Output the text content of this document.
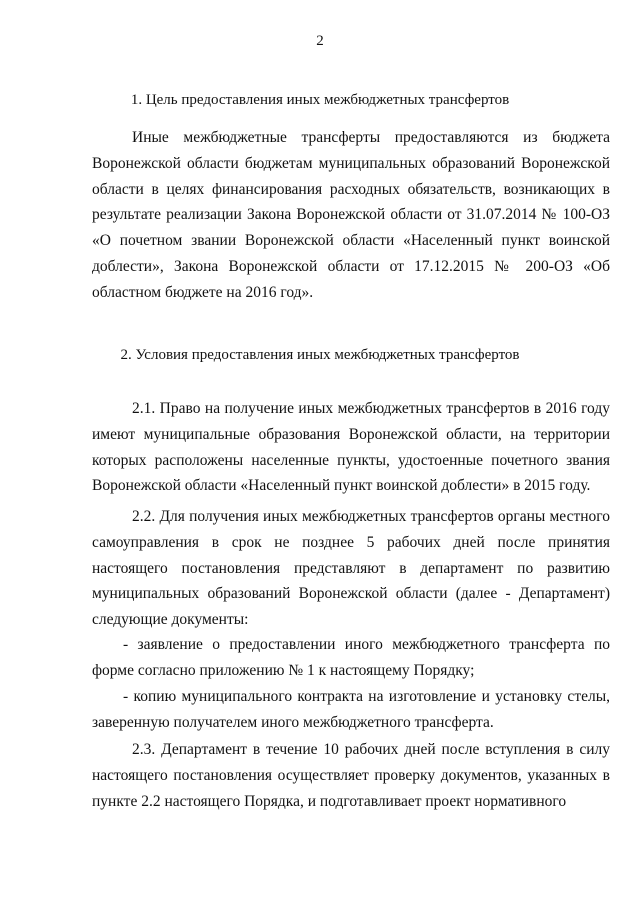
2
1. Цель предоставления иных межбюджетных трансфертов

Иные межбюджетные трансферты предоставляются из бюджета Воронежской области бюджетам муниципальных образований Воронежской области в целях финансирования расходных обязательств, возникающих в результате реализации Закона Воронежской области от 31.07.2014 № 100-ОЗ «О почетном звании Воронежской области «Населенный пункт воинской доблести», Закона Воронежской области от 17.12.2015 № 200-ОЗ «Об областном бюджете на 2016 год».

2. Условия предоставления иных межбюджетных трансфертов

2.1. Право на получение иных межбюджетных трансфертов в 2016 году имеют муниципальные образования Воронежской области, на территории которых расположены населенные пункты, удостоенные почетного звания Воронежской области «Населенный пункт воинской доблести» в 2015 году.

2.2. Для получения иных межбюджетных трансфертов органы местного самоуправления в срок не позднее 5 рабочих дней после принятия настоящего постановления представляют в департамент по развитию муниципальных образований Воронежской области (далее - Департамент) следующие документы:

- заявление о предоставлении иного межбюджетного трансферта по форме согласно приложению № 1 к настоящему Порядку;

- копию муниципального контракта на изготовление и установку стелы, заверенную получателем иного межбюджетного трансферта.

2.3. Департамент в течение 10 рабочих дней после вступления в силу настоящего постановления осуществляет проверку документов, указанных в пункте 2.2 настоящего Порядка, и подготавливает проект нормативного
